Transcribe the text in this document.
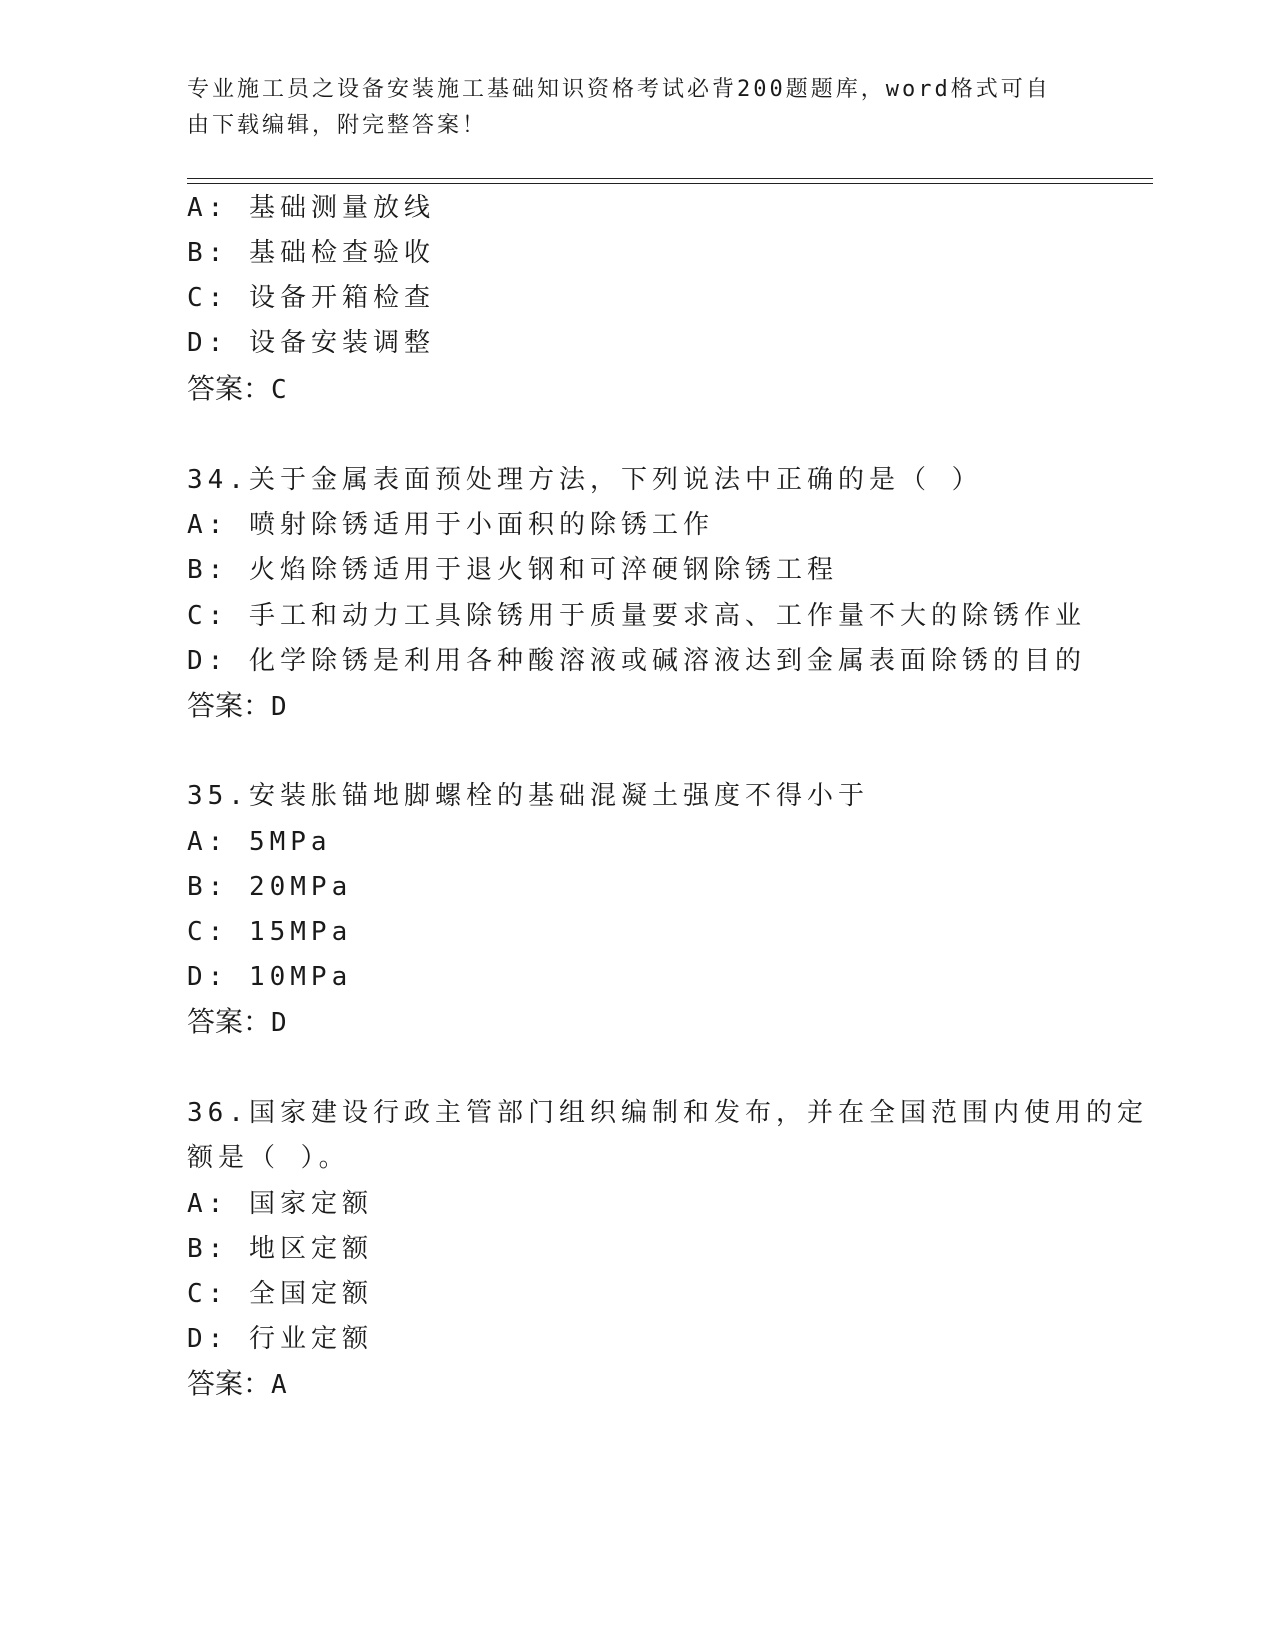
专业施工员之设备安装施工基础知识资格考试必背200题题库，word格式可自由下载编辑，附完整答案！
A: 基础测量放线
B: 基础检查验收
C: 设备开箱检查
D: 设备安装调整
答案：C
34.关于金属表面预处理方法，下列说法中正确的是（ ）
A: 喷射除锈适用于小面积的除锈工作
B: 火焰除锈适用于退火钢和可淬硬钢除锈工程
C: 手工和动力工具除锈用于质量要求高、工作量不大的除锈作业
D: 化学除锈是利用各种酸溶液或碱溶液达到金属表面除锈的目的
答案：D
35.安装胀锚地脚螺栓的基础混凝土强度不得小于
A: 5MPa
B: 20MPa
C: 15MPa
D: 10MPa
答案：D
36.国家建设行政主管部门组织编制和发布，并在全国范围内使用的定
额是（ ）。
A: 国家定额
B: 地区定额
C: 全国定额
D: 行业定额
答案：A
